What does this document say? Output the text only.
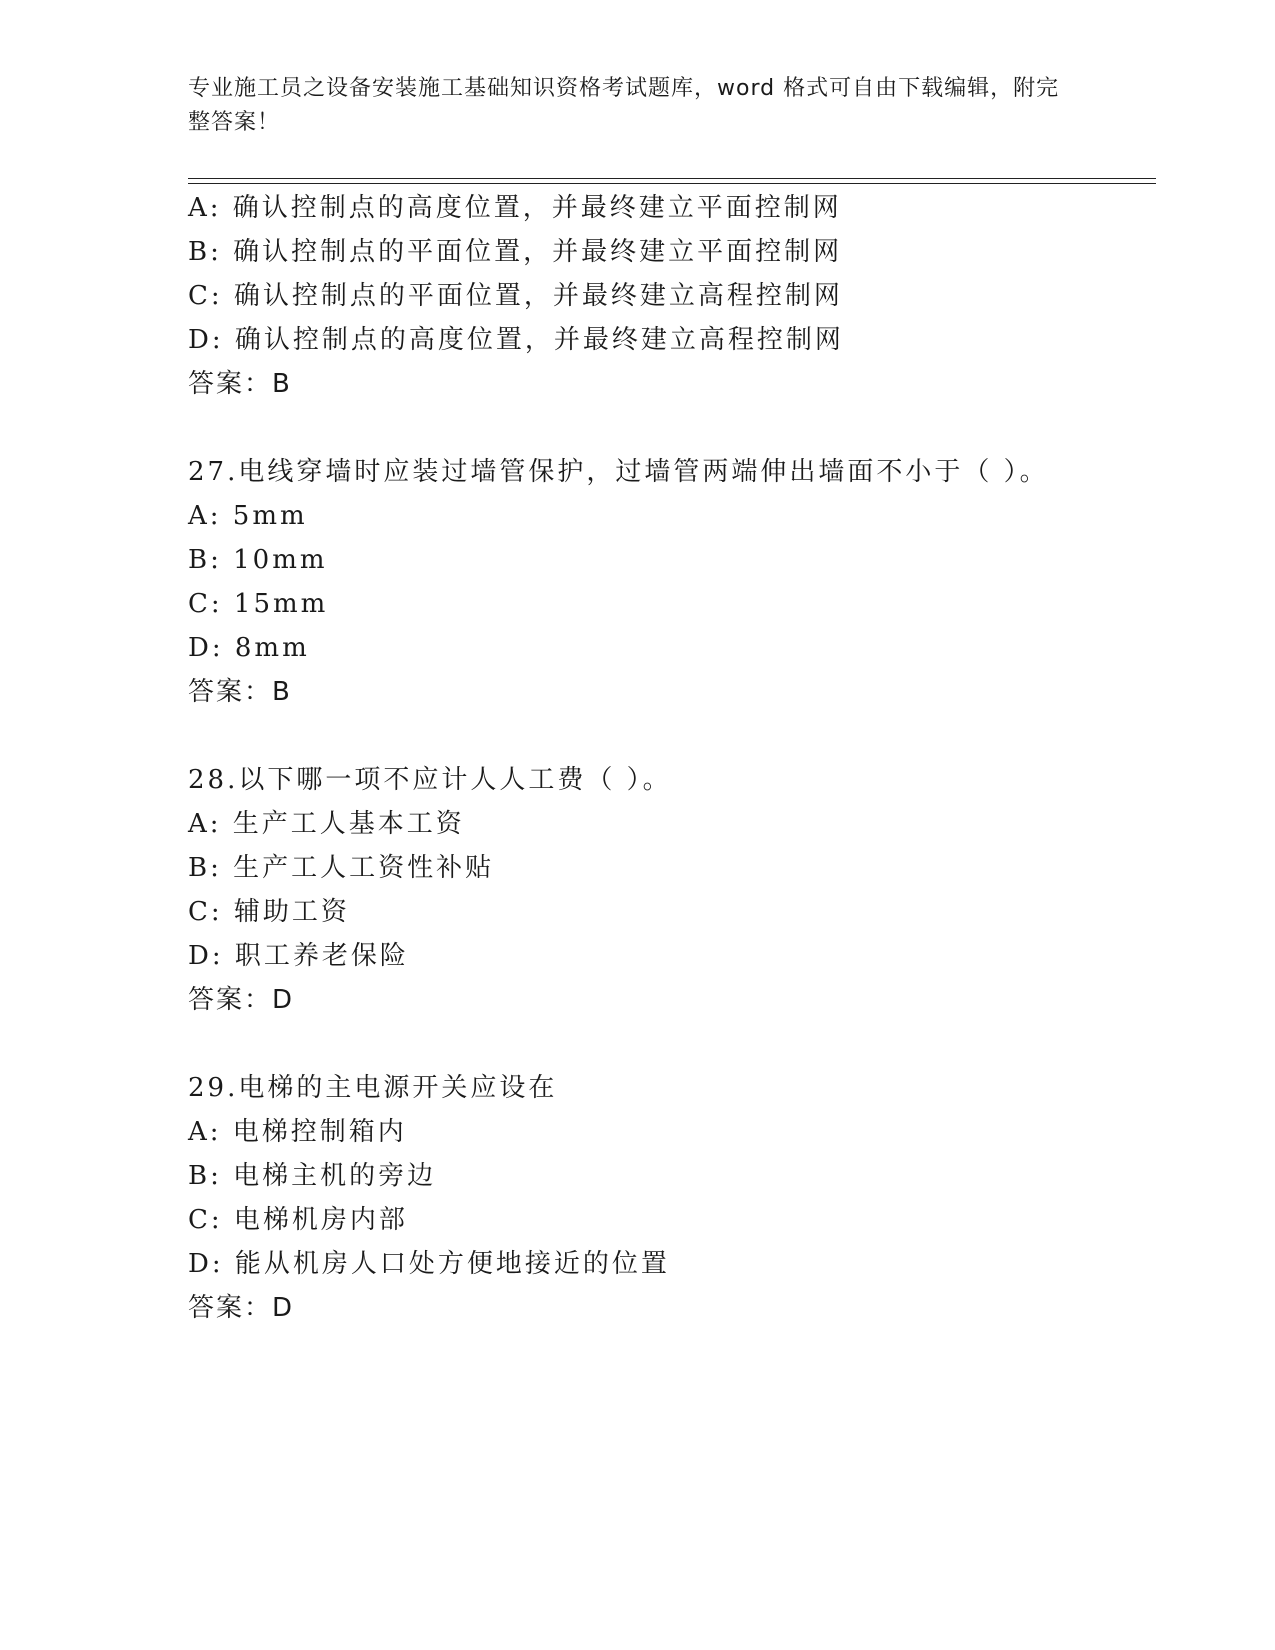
专业施工员之设备安装施工基础知识资格考试题库，word 格式可自由下载编辑，附完整答案！
A: 确认控制点的高度位置，并最终建立平面控制网
B: 确认控制点的平面位置，并最终建立平面控制网
C: 确认控制点的平面位置，并最终建立高程控制网
D: 确认控制点的高度位置，并最终建立高程控制网
答案：B
27.电线穿墙时应装过墙管保护，过墙管两端伸出墙面不小于（ ）。
A: 5mm
B: 10mm
C: 15mm
D: 8mm
答案：B
28.以下哪一项不应计人人工费（ ）。
A: 生产工人基本工资
B: 生产工人工资性补贴
C: 辅助工资
D: 职工养老保险
答案：D
29.电梯的主电源开关应设在
A: 电梯控制箱内
B: 电梯主机的旁边
C: 电梯机房内部
D: 能从机房人口处方便地接近的位置
答案：D
